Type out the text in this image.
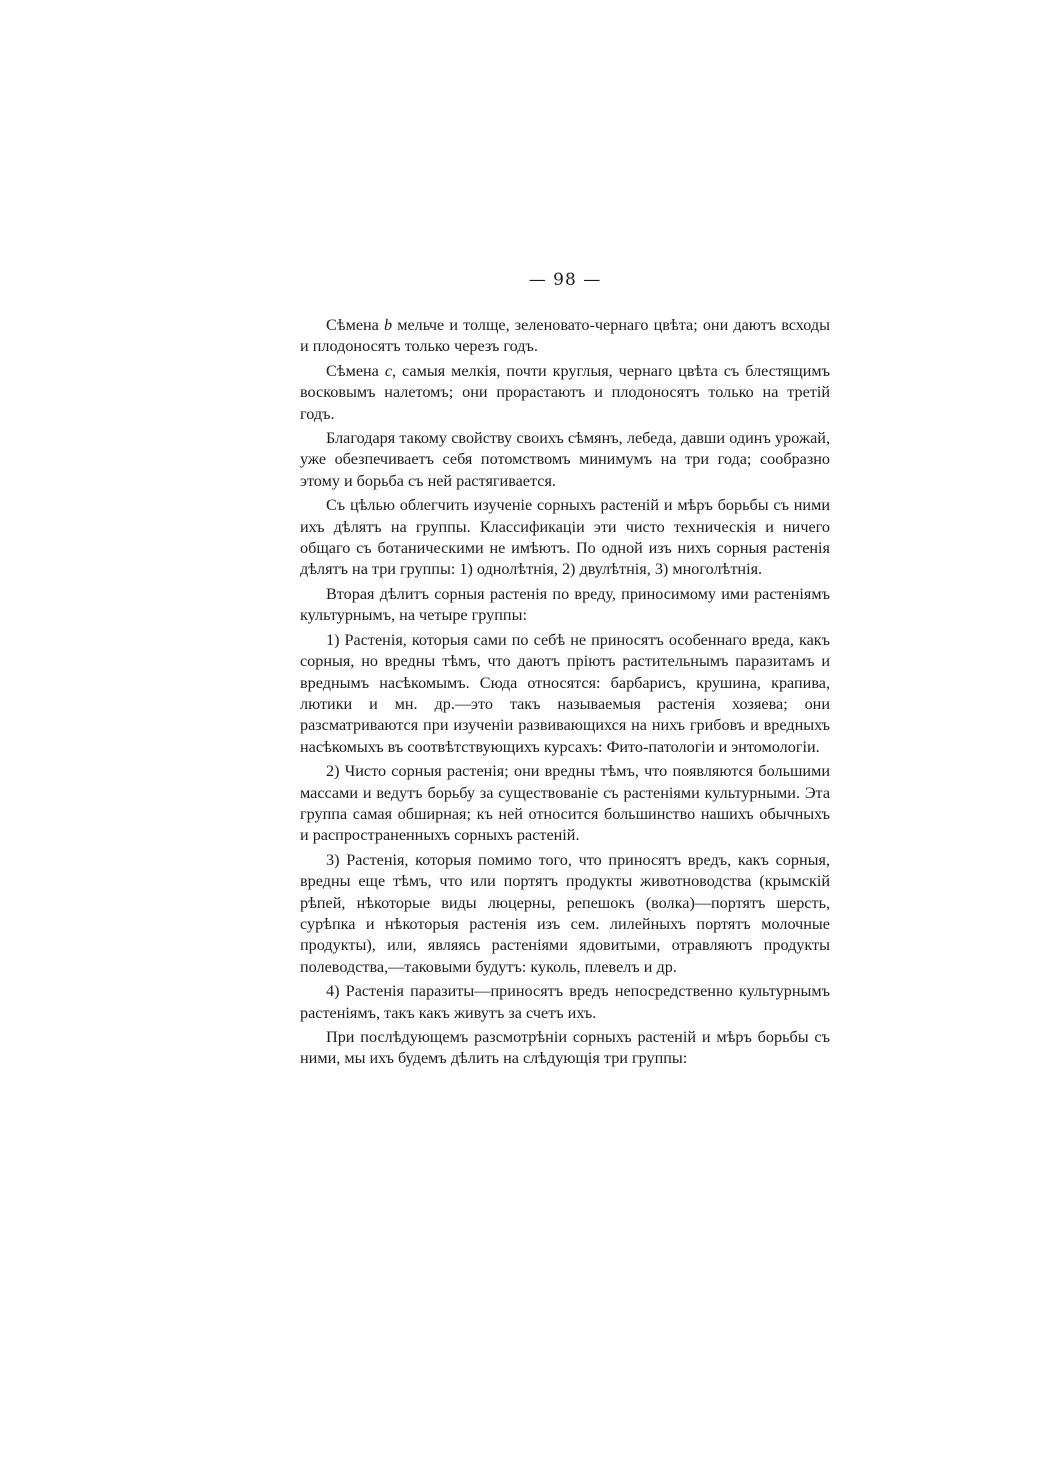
— 98 —

Сѣмена b мельче и толще, зеленовато-чернаго цвѣта; они даютъ всходы и плодоносятъ только черезъ годъ.

Сѣмена c, самыя мелкія, почти круглыя, чернаго цвѣта съ блестящимъ восковымъ налетомъ; они прорастаютъ и плодоносятъ только на третій годъ.

Благодаря такому свойству своихъ сѣмянъ, лебеда, давши одинъ урожай, уже обезпечиваетъ себя потомствомъ минимумъ на три года; сообразно этому и борьба съ ней растягивается.

Съ цѣлью облегчить изученіе сорныхъ растеній и мѣръ борьбы съ ними ихъ дѣлятъ на группы. Классификаціи эти чисто техническія и ничего общаго съ ботаническими не имѣютъ. По одной изъ нихъ сорныя растенія дѣлятъ на три группы: 1) однолѣтнія, 2) двулѣтнія, 3) многолѣтнія.

Вторая дѣлитъ сорныя растенія по вреду, приносимому ими растеніямъ культурнымъ, на четыре группы:

1) Растенія, которыя сами по себѣ не приносятъ особеннаго вреда, какъ сорныя, но вредны тѣмъ, что даютъ пріютъ растительнымъ паразитамъ и вреднымъ насѣкомымъ. Сюда относятся: барбарисъ, крушина, крапива, лютики и мн. др.—это такъ называемыя растенія хозяева; они разсматриваются при изученіи развивающихся на нихъ грибовъ и вредныхъ насѣкомыхъ въ соотвѣтствующихъ курсахъ: Фито-патологіи и энтомологіи.

2) Чисто сорныя растенія; они вредны тѣмъ, что появляются большими массами и ведутъ борьбу за существованіе съ растеніями культурными. Эта группа самая обширная; къ ней относится большинство нашихъ обычныхъ и распространенныхъ сорныхъ растеній.

3) Растенія, которыя помимо того, что приносятъ вредъ, какъ сорныя, вредны еще тѣмъ, что или портятъ продукты животноводства (крымскій рѣпей, нѣкоторые виды люцерны, репешокъ (волка)—портятъ шерсть, сурѣпка и нѣкоторыя растенія изъ сем. лилейныхъ портятъ молочные продукты), или, являясь растеніями ядовитыми, отравляютъ продукты полеводства,—таковыми будутъ: куколь, плевелъ и др.

4) Растенія паразиты—приносятъ вредъ непосредственно культурнымъ растеніямъ, такъ какъ живутъ за счетъ ихъ.

При послѣдующемъ разсмотрѣніи сорныхъ растеній и мѣръ борьбы съ ними, мы ихъ будемъ дѣлить на слѣдующія три группы:
